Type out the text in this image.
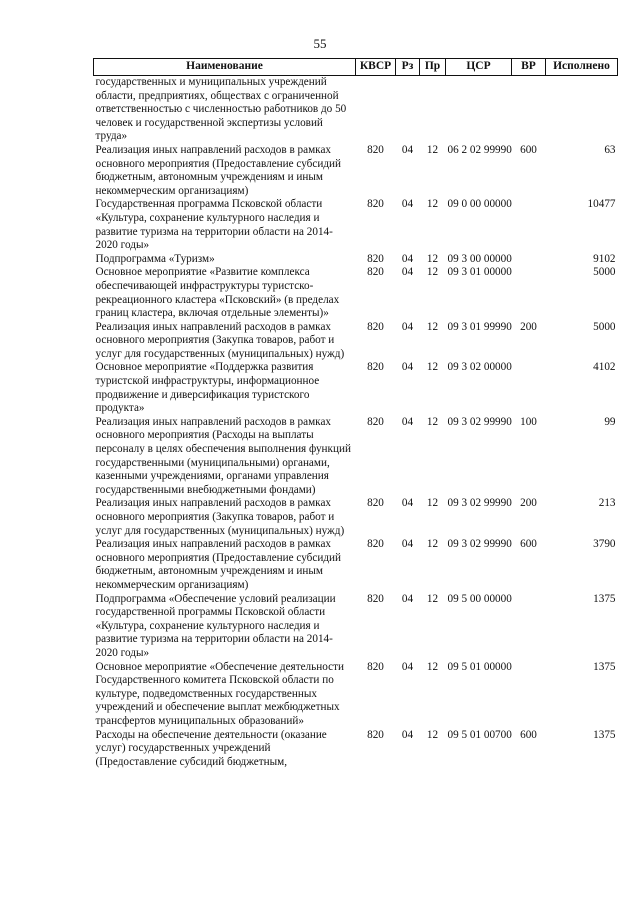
55
Наименование	КВСР	Рз	Пр	ЦСР	ВР	Исполнено
государственных и муниципальных учреждений области, предприятиях, обществах с ограниченной ответственностью с численностью работников до 50 человек и государственной экспертизы условий труда»						
Реализация иных направлений расходов в рамках основного мероприятия (Предоставление субсидий бюджетным, автономным учреждениям и иным некоммерческим организациям)	820	04	12	06 2 02 99990	600	63
Государственная программа Псковской области «Культура, сохранение культурного наследия и развитие туризма на территории области на 2014-2020 годы»	820	04	12	09 0 00 00000		10477
Подпрограмма «Туризм»	820	04	12	09 3 00 00000		9102
Основное мероприятие «Развитие комплекса обеспечивающей инфраструктуры туристско-рекреационного кластера «Псковский» (в пределах границ кластера, включая отдельные элементы)»	820	04	12	09 3 01 00000		5000
Реализация иных направлений расходов в рамках основного мероприятия (Закупка товаров, работ и услуг для государственных (муниципальных) нужд)	820	04	12	09 3 01 99990	200	5000
Основное мероприятие «Поддержка развития туристской инфраструктуры, информационное продвижение и диверсификация туристского продукта»	820	04	12	09 3 02 00000		4102
Реализация иных направлений расходов в рамках основного мероприятия (Расходы на выплаты персоналу в целях обеспечения выполнения функций государственными (муниципальными) органами, казенными учреждениями, органами управления государственными внебюджетными фондами)	820	04	12	09 3 02 99990	100	99
Реализация иных направлений расходов в рамках основного мероприятия (Закупка товаров, работ и услуг для государственных (муниципальных) нужд)	820	04	12	09 3 02 99990	200	213
Реализация иных направлений расходов в рамках основного мероприятия (Предоставление субсидий бюджетным, автономным учреждениям и иным некоммерческим организациям)	820	04	12	09 3 02 99990	600	3790
Подпрограмма «Обеспечение условий реализации государственной программы Псковской области «Культура, сохранение культурного наследия и развитие туризма на территории области на 2014-2020 годы»	820	04	12	09 5 00 00000		1375
Основное мероприятие «Обеспечение деятельности Государственного комитета Псковской области по культуре, подведомственных государственных учреждений и обеспечение выплат межбюджетных трансфертов муниципальных образований»	820	04	12	09 5 01 00000		1375
Расходы на обеспечение деятельности (оказание услуг) государственных учреждений (Предоставление субсидий бюджетным,	820	04	12	09 5 01 00700	600	1375
